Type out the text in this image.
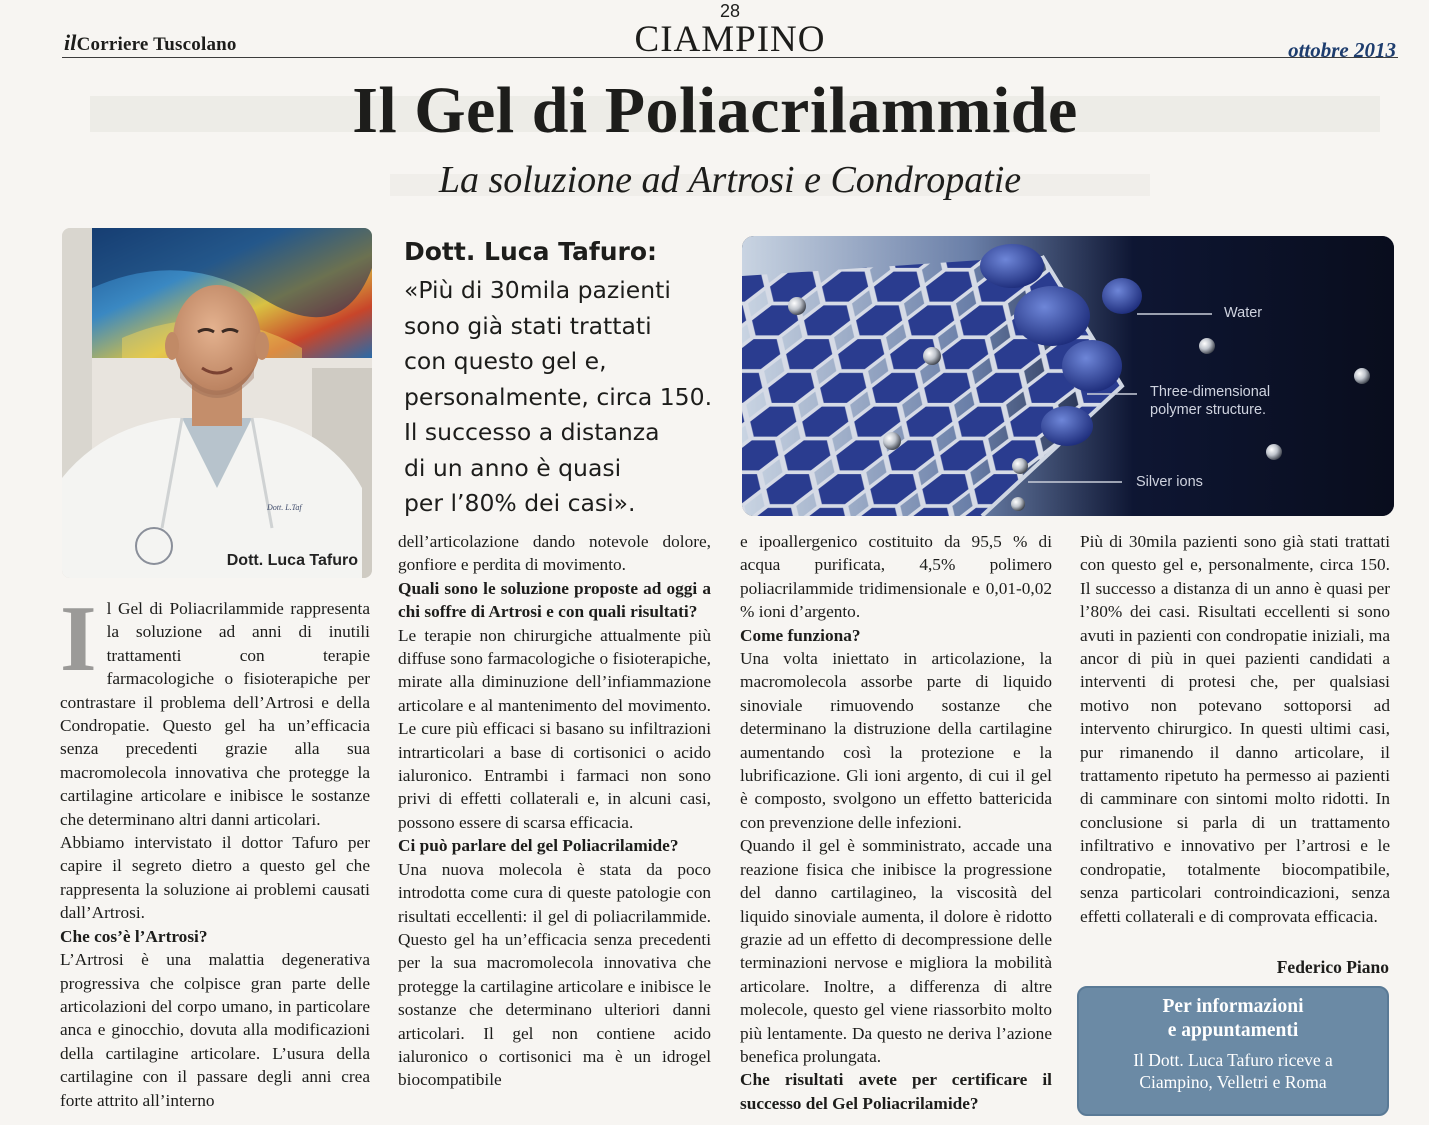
ilCorriere Tuscolano
28
CIAMPINO	ottobre 2013
Il Gel di Poliacrilammide
La soluzione ad Artrosi e Condropatie
Dott. L.Taf
Dott. Luca Tafuro
Dott. Luca Tafuro:
«Più di 30mila pazienti
sono già stati trattati
con questo gel e,
personalmente, circa 150.
Il successo a distanza
di un anno è quasi
per l’80% dei casi».
Water
Three-dimensional
polymer structure.
Silver ions

Il Gel di Poliacrilammide rappresenta la soluzione ad anni di inutili trattamenti con terapie farmacologiche o fisioterapiche per contrastare il problema dell’Artrosi e della Condropatie. Questo gel ha un’efficacia senza precedenti grazie alla sua macromolecola innovativa che protegge la cartilagine articolare e inibisce le sostanze che determinano altri danni articolari.

Abbiamo intervistato il dottor Tafuro per capire il segreto dietro a questo gel che rappresenta la soluzione ai problemi causati dall’Artrosi.

Che cos’è l’Artrosi?

L’Artrosi è una malattia degenerativa progressiva che colpisce gran parte delle articolazioni del corpo umano, in particolare anca e ginocchio, dovuta alla modificazioni della cartilagine articolare. L’usura della cartilagine con il passare degli anni crea forte attrito all’interno

dell’articolazione dando notevole dolore, gonfiore e perdita di movimento.

Quali sono le soluzione proposte ad oggi a chi soffre di Artrosi e con quali risultati?

Le terapie non chirurgiche attualmente più diffuse sono farmacologiche o fisioterapiche, mirate alla diminuzione dell’infiammazione articolare e al mantenimento del movimento. Le cure più efficaci si basano su infiltrazioni intrarticolari a base di cortisonici o acido ialuronico. Entrambi i farmaci non sono privi di effetti collaterali e, in alcuni casi, possono essere di scarsa efficacia.

Ci può parlare del gel Poliacrilamide?

Una nuova molecola è stata da poco introdotta come cura di queste patologie con risultati eccellenti: il gel di poliacrilammide. Questo gel ha un’efficacia senza precedenti per la sua macromolecola innovativa che protegge la cartilagine articolare e inibisce le sostanze che determinano ulteriori danni articolari. Il gel non contiene acido ialuronico o cortisonici ma è un idrogel biocompatibile

e ipoallergenico costituito da 95,5 % di acqua purificata, 4,5% polimero poliacrilammide tridimensionale e 0,01-0,02 % ioni d’argento.

Come funziona?

Una volta iniettato in articolazione, la macromolecola assorbe parte di liquido sinoviale rimuovendo sostanze che determinano la distruzione della cartilagine aumentando così la protezione e la lubrificazione. Gli ioni argento, di cui il gel è composto, svolgono un effetto battericida con prevenzione delle infezioni.

Quando il gel è somministrato, accade una reazione fisica che inibisce la progressione del danno cartilagineo, la viscosità del liquido sinoviale aumenta, il dolore è ridotto grazie ad un effetto di decompressione delle terminazioni nervose e migliora la mobilità articolare. Inoltre, a differenza di altre molecole, questo gel viene riassorbito molto più lentamente. Da questo ne deriva l’azione benefica prolungata.

Che risultati avete per certificare il successo del Gel Poliacrilamide?

Più di 30mila pazienti sono già stati trattati con questo gel e, personalmente, circa 150. Il successo a distanza di un anno è quasi per l’80% dei casi. Risultati eccellenti si sono avuti in pazienti con condropatie iniziali, ma ancor di più in quei pazienti candidati a interventi di protesi che, per qualsiasi motivo non potevano sottoporsi ad intervento chirurgico. In questi ultimi casi, pur rimanendo il danno articolare, il trattamento ripetuto ha permesso ai pazienti di camminare con sintomi molto ridotti. In conclusione si parla di un trattamento infiltrativo e innovativo per l’artrosi e le condropatie, totalmente biocompatibile, senza particolari controindicazioni, senza effetti collaterali e di comprovata efficacia.

Federico Piano
Per informazioni
e appuntamenti
Il Dott. Luca Tafuro riceve a
Ciampino, Velletri e Roma
